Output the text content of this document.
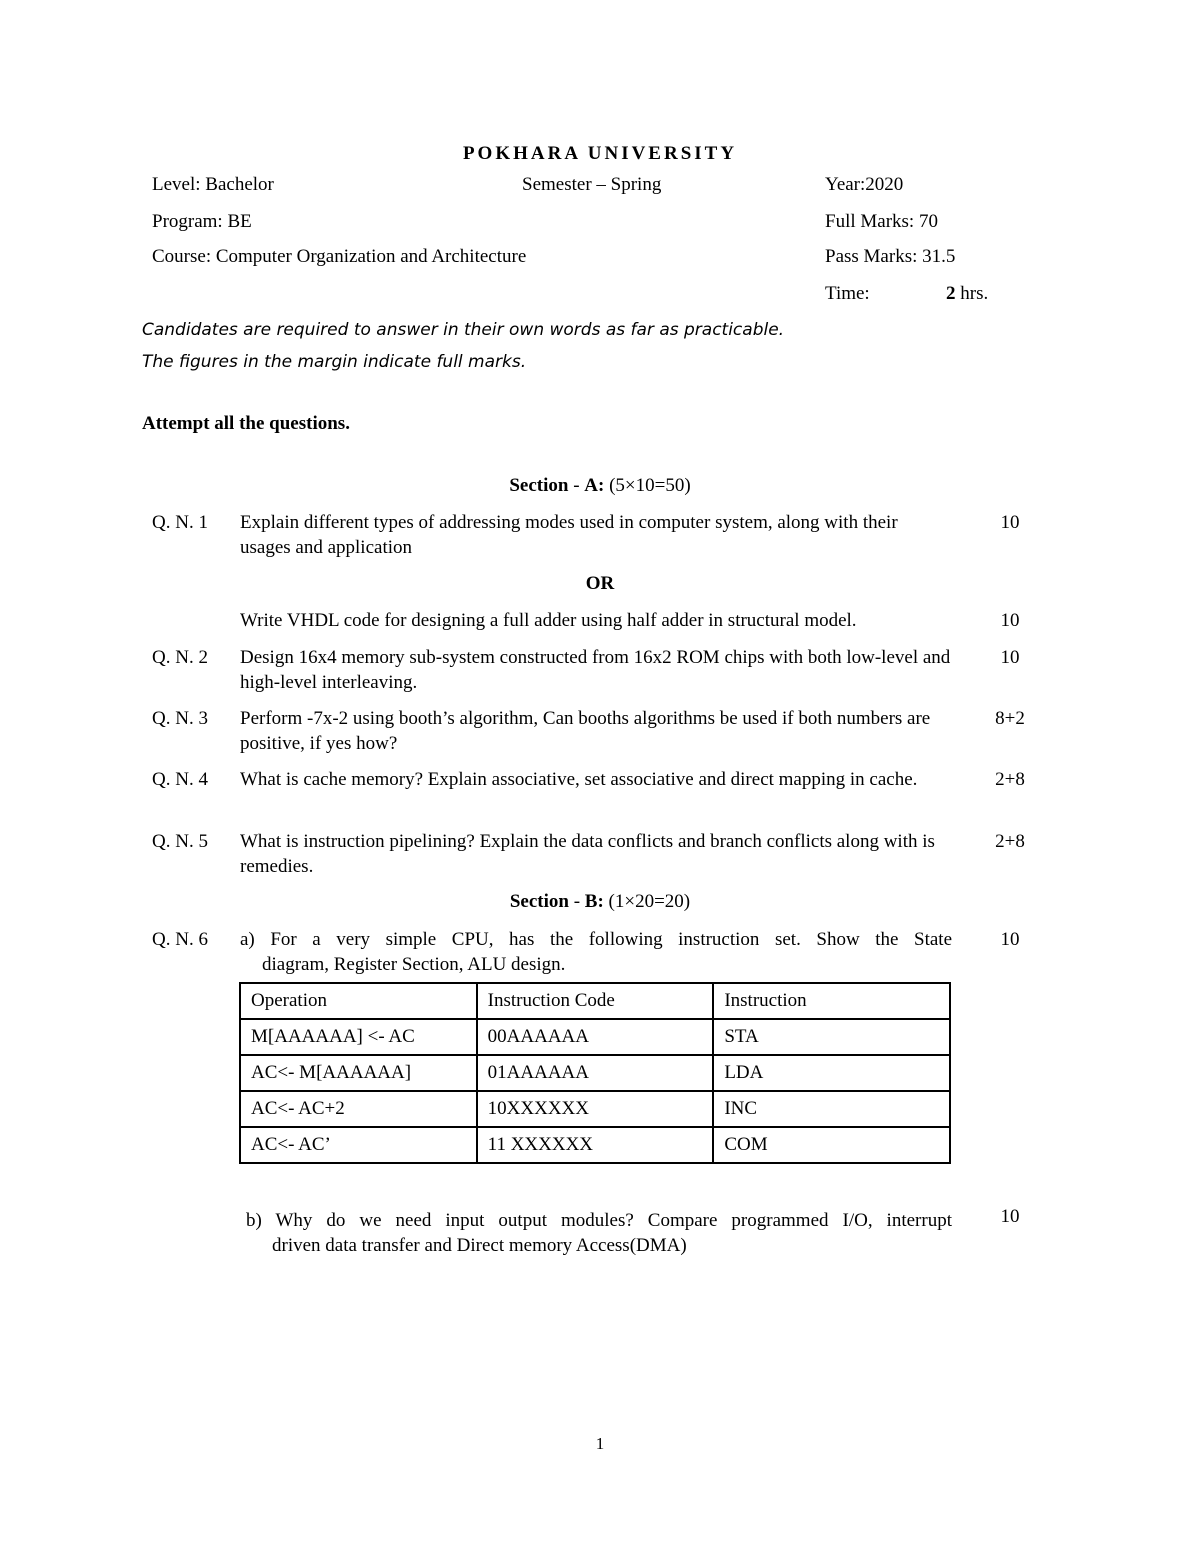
POKHARA UNIVERSITY
Level: Bachelor	Semester – Spring	Year:2020
Program: BE	Full Marks: 70
Course: Computer Organization and Architecture	Pass Marks: 31.5
Time:	2 hrs.
Candidates are required to answer in their own words as far as practicable.
The figures in the margin indicate full marks.
Attempt all the questions.
Section - A: (5×10=50)
Q. N. 1 Explain different types of addressing modes used in computer system, along with their usages and application
10
OR
Write VHDL code for designing a full adder using half adder in structural model.	10
Q. N. 2 Design 16x4 memory sub-system constructed from 16x2 ROM chips with both low-level and high-level interleaving.
10
Q. N. 3 Perform -7x-2 using booth’s algorithm, Can booths algorithms be used if both numbers are positive, if yes how?
8+2
Q. N. 4 What is cache memory? Explain associative, set associative and direct mapping in cache.	2+8
Q. N. 5 What is instruction pipelining? Explain the data conflicts and branch conflicts along with is remedies.
2+8
Section - B: (1×20=20)
Q. N. 6 a) For a very simple CPU, has the following instruction set. Show the State
diagram, Register Section, ALU design.
10
Operation	Instruction Code	Instruction
M[AAAAAA] <- AC	00AAAAAA	STA
AC<- M[AAAAAA]	01AAAAAA	LDA
AC<- AC+2	10XXXXXX	INC
AC<- AC’	11 XXXXXX	COM
b) Why do we need input output modules? Compare programmed I/O, interrupt
driven data transfer and Direct memory Access(DMA)
10
1
